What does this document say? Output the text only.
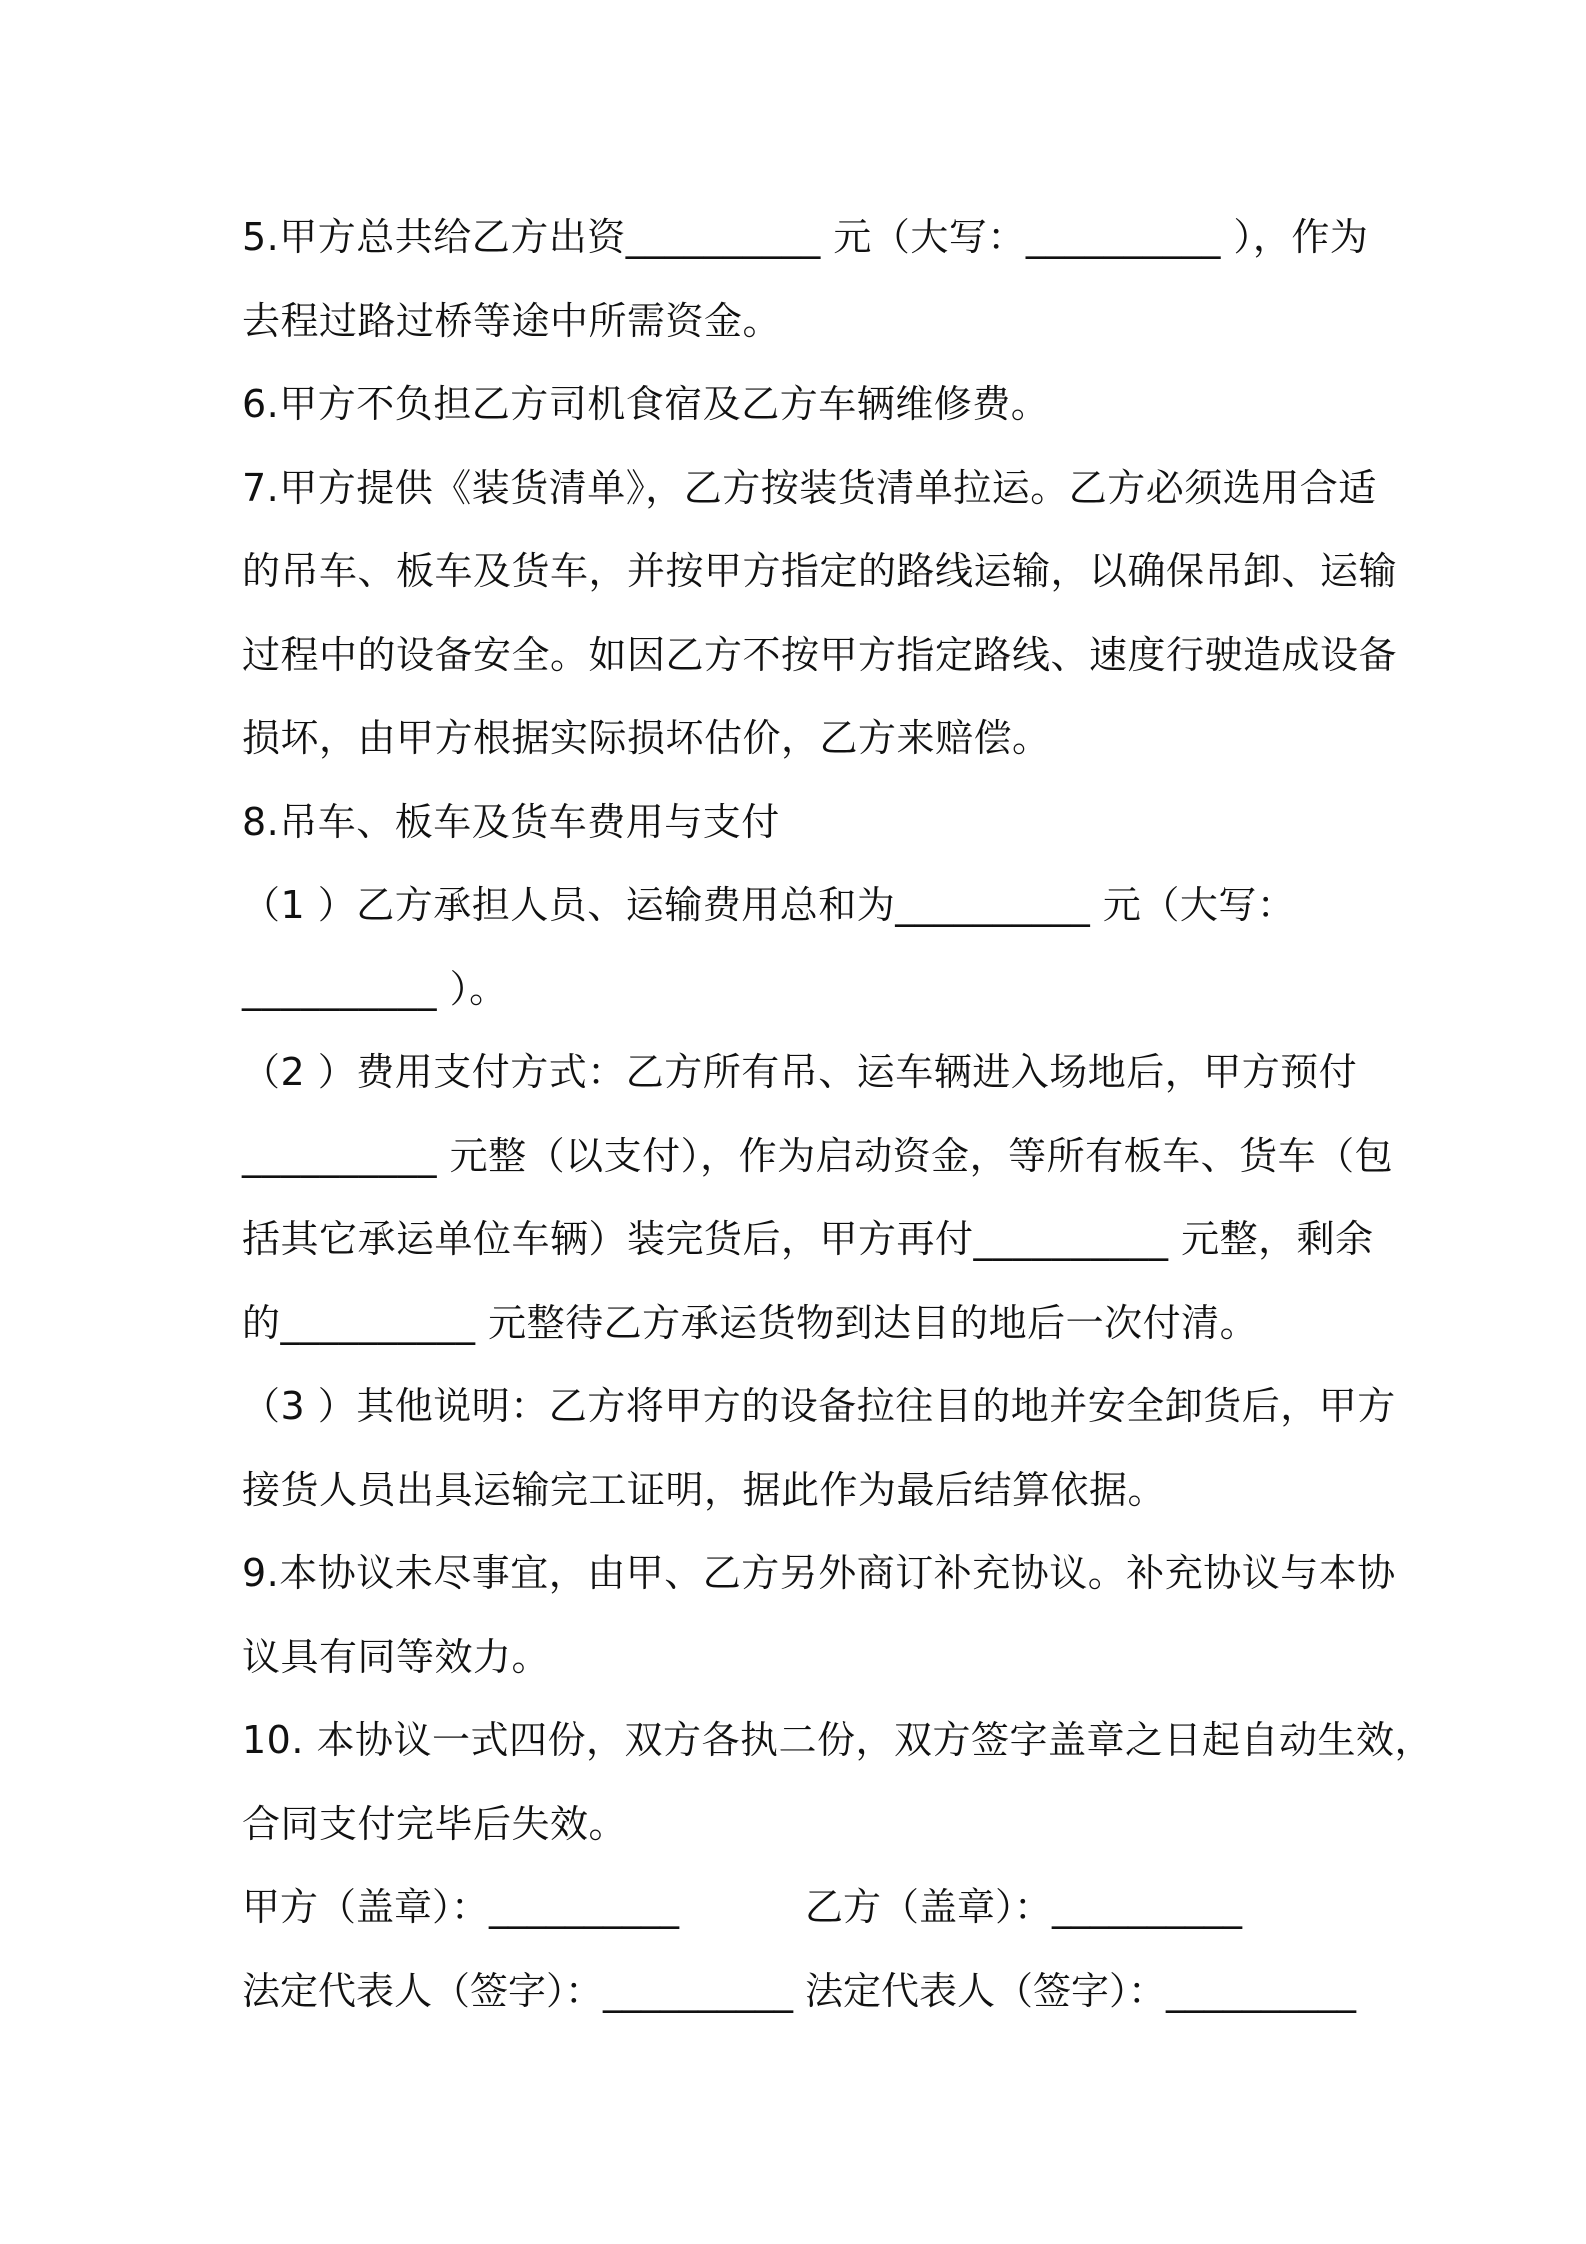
5.甲方总共给乙方出资__________ 元（大写：__________ ），作为
去程过路过桥等途中所需资金。
6.甲方不负担乙方司机食宿及乙方车辆维修费。
7.甲方提供《装货清单》，乙方按装货清单拉运。乙方必须选用合适
的吊车、板车及货车，并按甲方指定的路线运输，以确保吊卸、运输
过程中的设备安全。如因乙方不按甲方指定路线、速度行驶造成设备
损坏，由甲方根据实际损坏估价，乙方来赔偿。
8.吊车、板车及货车费用与支付
（1 ）乙方承担人员、运输费用总和为__________ 元（大写：
__________ ）。
（2 ）费用支付方式：乙方所有吊、运车辆进入场地后，甲方预付
__________ 元整（以支付），作为启动资金，等所有板车、货车（包
括其它承运单位车辆）装完货后，甲方再付__________ 元整，剩余
的__________ 元整待乙方承运货物到达目的地后一次付清。
（3 ）其他说明：乙方将甲方的设备拉往目的地并安全卸货后，甲方
接货人员出具运输完工证明，据此作为最后结算依据。
9.本协议未尽事宜，由甲、乙方另外商订补充协议。补充协议与本协
议具有同等效力。
10. 本协议一式四份，双方各执二份，双方签字盖章之日起自动生效，
合同支付完毕后失效。
甲方（盖章）：__________	乙方（盖章）：__________
法定代表人（签字）：__________ 法定代表人（签字）：__________
